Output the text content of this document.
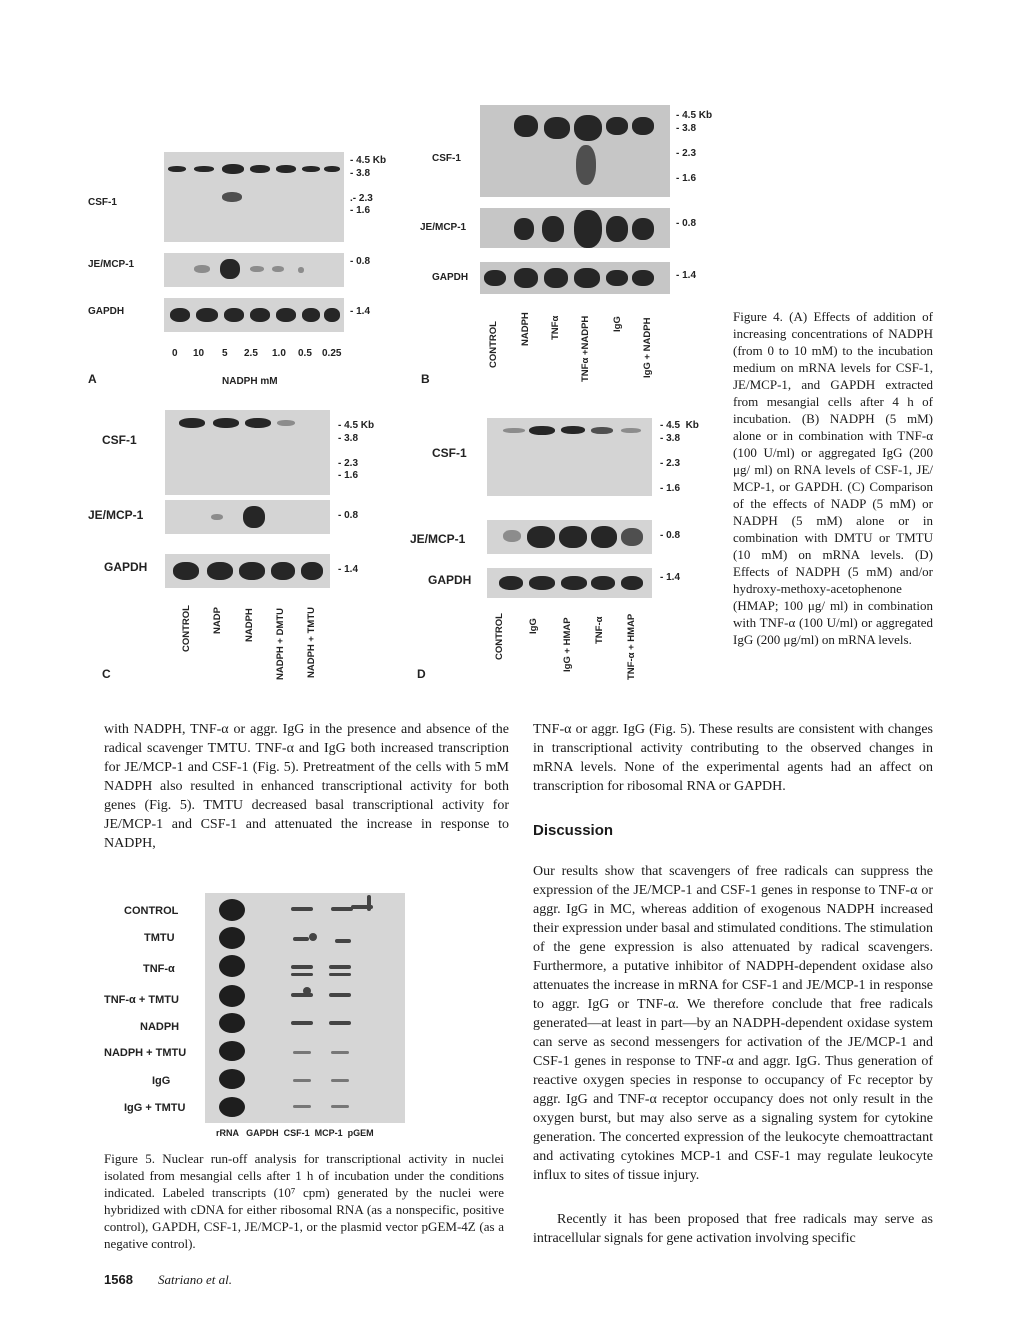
CSF-1
JE/MCP-1
GAPDH
- 4.5 Kb
- 3.8

.- 2.3
- 1.6
- 0.8
- 1.4
0 10 5 2.5 1.0 0.5 0.25
NADPH mM
A
CSF-1
JE/MCP-1
GAPDH
- 4.5 Kb
- 3.8

- 2.3

- 1.6
- 0.8
- 1.4
CONTROL NADPH TNFα TNFα +NADPH IgG IgG + NADPH
B
CSF-1
JE/MCP-1
GAPDH
- 4.5 Kb
- 3.8

- 2.3
- 1.6
- 0.8
- 1.4
CONTROL NADP NADPH NADPH + DMTU NADPH + TMTU
C
CSF-1
JE/MCP-1
GAPDH
- 4.5  Kb
- 3.8

- 2.3

- 1.6
- 0.8
- 1.4
CONTROL IgG IgG + HMAP TNF-α TNF-α + HMAP
D
Figure 4. (A) Effects of addition of increasing concentrations of NADPH (from 0 to 10 mM) to the incubation medium on mRNA levels for CSF-1, JE/MCP-1, and GAPDH extracted from mesangial cells after 4 h of incubation. (B) NADPH (5 mM) alone or in combination with TNF-α (100 U/ml) or aggregated IgG (200 μg/ ml) on RNA levels of CSF-1, JE/ MCP-1, or GAPDH. (C) Comparison of the effects of NADP (5 mM) or NADPH (5 mM) alone or in combination with DMTU or TMTU (10 mM) on mRNA levels. (D) Effects of NADPH (5 mM) and/or hydroxy-methoxy-acetophenone (HMAP; 100 μg/ ml) in combination with TNF-α (100 U/ml) or aggregated IgG (200 μg/ml) on mRNA levels.
with NADPH, TNF-α or aggr. IgG in the presence and absence of the radical scavenger TMTU. TNF-α and IgG both increased transcription for JE/MCP-1 and CSF-1 (Fig. 5). Pretreatment of the cells with 5 mM NADPH also resulted in enhanced transcriptional activity for both genes (Fig. 5). TMTU decreased basal transcriptional activity for JE/MCP-1 and CSF-1 and attenuated the increase in response to NADPH,
TNF-α or aggr. IgG (Fig. 5). These results are consistent with changes in transcriptional activity contributing to the observed changes in mRNA levels. None of the experimental agents had an affect on transcription for ribosomal RNA or GAPDH.
Discussion
Our results show that scavengers of free radicals can suppress the expression of the JE/MCP-1 and CSF-1 genes in response to TNF-α or aggr. IgG in MC, whereas addition of exogenous NADPH increased their expression under basal and stimulated conditions. The stimulation of the gene expression is also attenuated by radical scavengers. Furthermore, a putative inhibitor of NADPH-dependent oxidase also attenuates the increase in mRNA for CSF-1 and JE/MCP-1 in response to aggr. IgG or TNF-α. We therefore conclude that free radicals generated—at least in part—by an NADPH-dependent oxidase system can serve as second messengers for activation of the JE/MCP-1 and CSF-1 genes in response to TNF-α and aggr. IgG. Thus generation of reactive oxygen species in response to occupancy of Fc receptor by aggr. IgG and TNF-α receptor occupancy does not only result in the oxygen burst, but may also serve as a signaling system for cytokine generation. The concerted expression of the leukocyte chemoattractant and activating cytokines MCP-1 and CSF-1 may regulate leukocyte influx to sites of tissue injury.
Recently it has been proposed that free radicals may serve as intracellular signals for gene activation involving specific
CONTROL
TMTU
TNF-α
TNF-α + TMTU
NADPH
NADPH + TMTU
IgG
IgG + TMTU
rRNA   GAPDH  CSF-1  MCP-1  pGEM
Figure 5. Nuclear run-off analysis for transcriptional activity in nuclei isolated from mesangial cells after 1 h of incubation under the conditions indicated. Labeled transcripts (10⁷ cpm) generated by the nuclei were hybridized with cDNA for either ribosomal RNA (as a nonspecific, positive control), GAPDH, CSF-1, JE/MCP-1, or the plasmid vector pGEM-4Z (as a negative control).
1568 Satriano et al.
